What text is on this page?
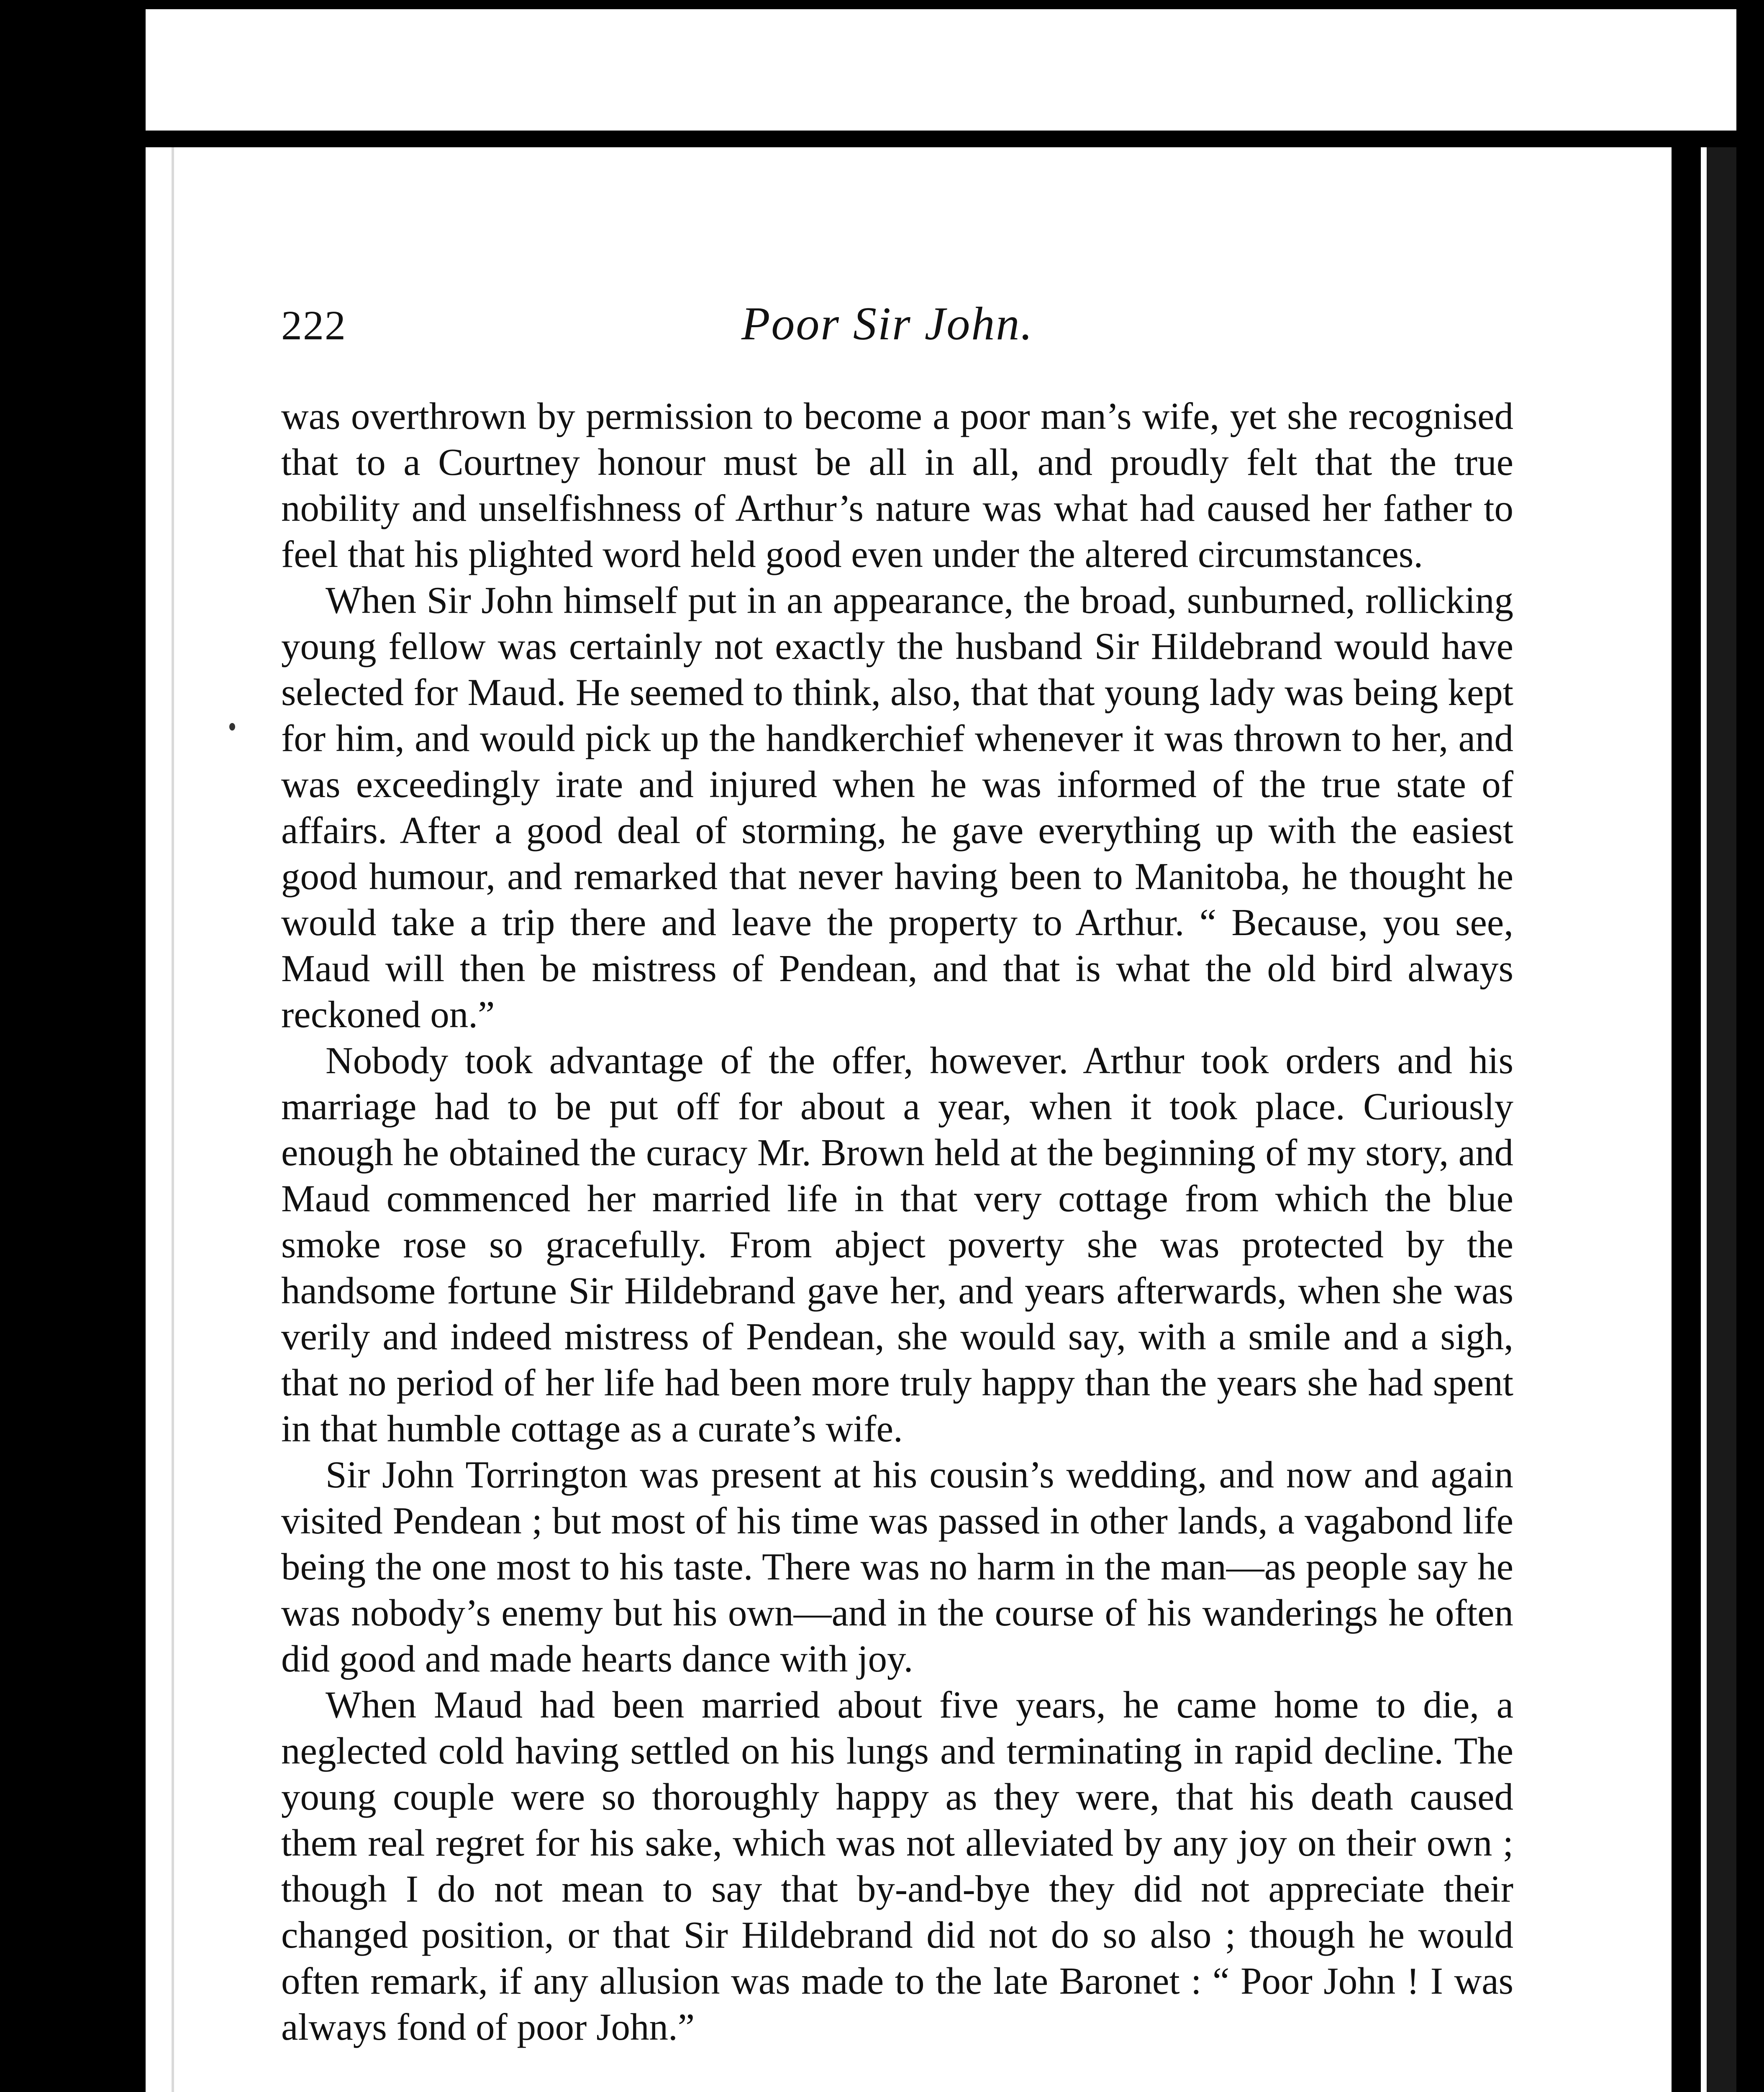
222	Poor Sir John.

was overthrown by permission to become a poor man’s wife, yet she recognised that to a Courtney honour must be all in all, and proudly felt that the true nobility and unselfishness of Arthur’s nature was what had caused her father to feel that his plighted word held good even under the altered circumstances.

When Sir John himself put in an appearance, the broad, sunburned, rollicking young fellow was certainly not exactly the husband Sir Hildebrand would have selected for Maud. He seemed to think, also, that that young lady was being kept for him, and would pick up the handkerchief whenever it was thrown to her, and was exceedingly irate and injured when he was informed of the true state of affairs. After a good deal of storming, he gave everything up with the easiest good humour, and remarked that never having been to Manitoba, he thought he would take a trip there and leave the property to Arthur. “ Because, you see, Maud will then be mistress of Pendean, and that is what the old bird always reckoned on.”

Nobody took advantage of the offer, however. Arthur took orders and his marriage had to be put off for about a year, when it took place. Curiously enough he obtained the curacy Mr. Brown held at the beginning of my story, and Maud commenced her married life in that very cottage from which the blue smoke rose so gracefully. From abject poverty she was protected by the handsome fortune Sir Hildebrand gave her, and years afterwards, when she was verily and indeed mistress of Pendean, she would say, with a smile and a sigh, that no period of her life had been more truly happy than the years she had spent in that humble cottage as a curate’s wife.

Sir John Torrington was present at his cousin’s wedding, and now and again visited Pendean ; but most of his time was passed in other lands, a vagabond life being the one most to his taste. There was no harm in the man—as people say he was nobody’s enemy but his own—and in the course of his wanderings he often did good and made hearts dance with joy.

When Maud had been married about five years, he came home to die, a neglected cold having settled on his lungs and terminating in rapid decline. The young couple were so thoroughly happy as they were, that his death caused them real regret for his sake, which was not alleviated by any joy on their own ; though I do not mean to say that by-and-bye they did not appreciate their changed position, or that Sir Hildebrand did not do so also ; though he would often remark, if any allusion was made to the late Baronet : “ Poor John ! I was always fond of poor John.”
